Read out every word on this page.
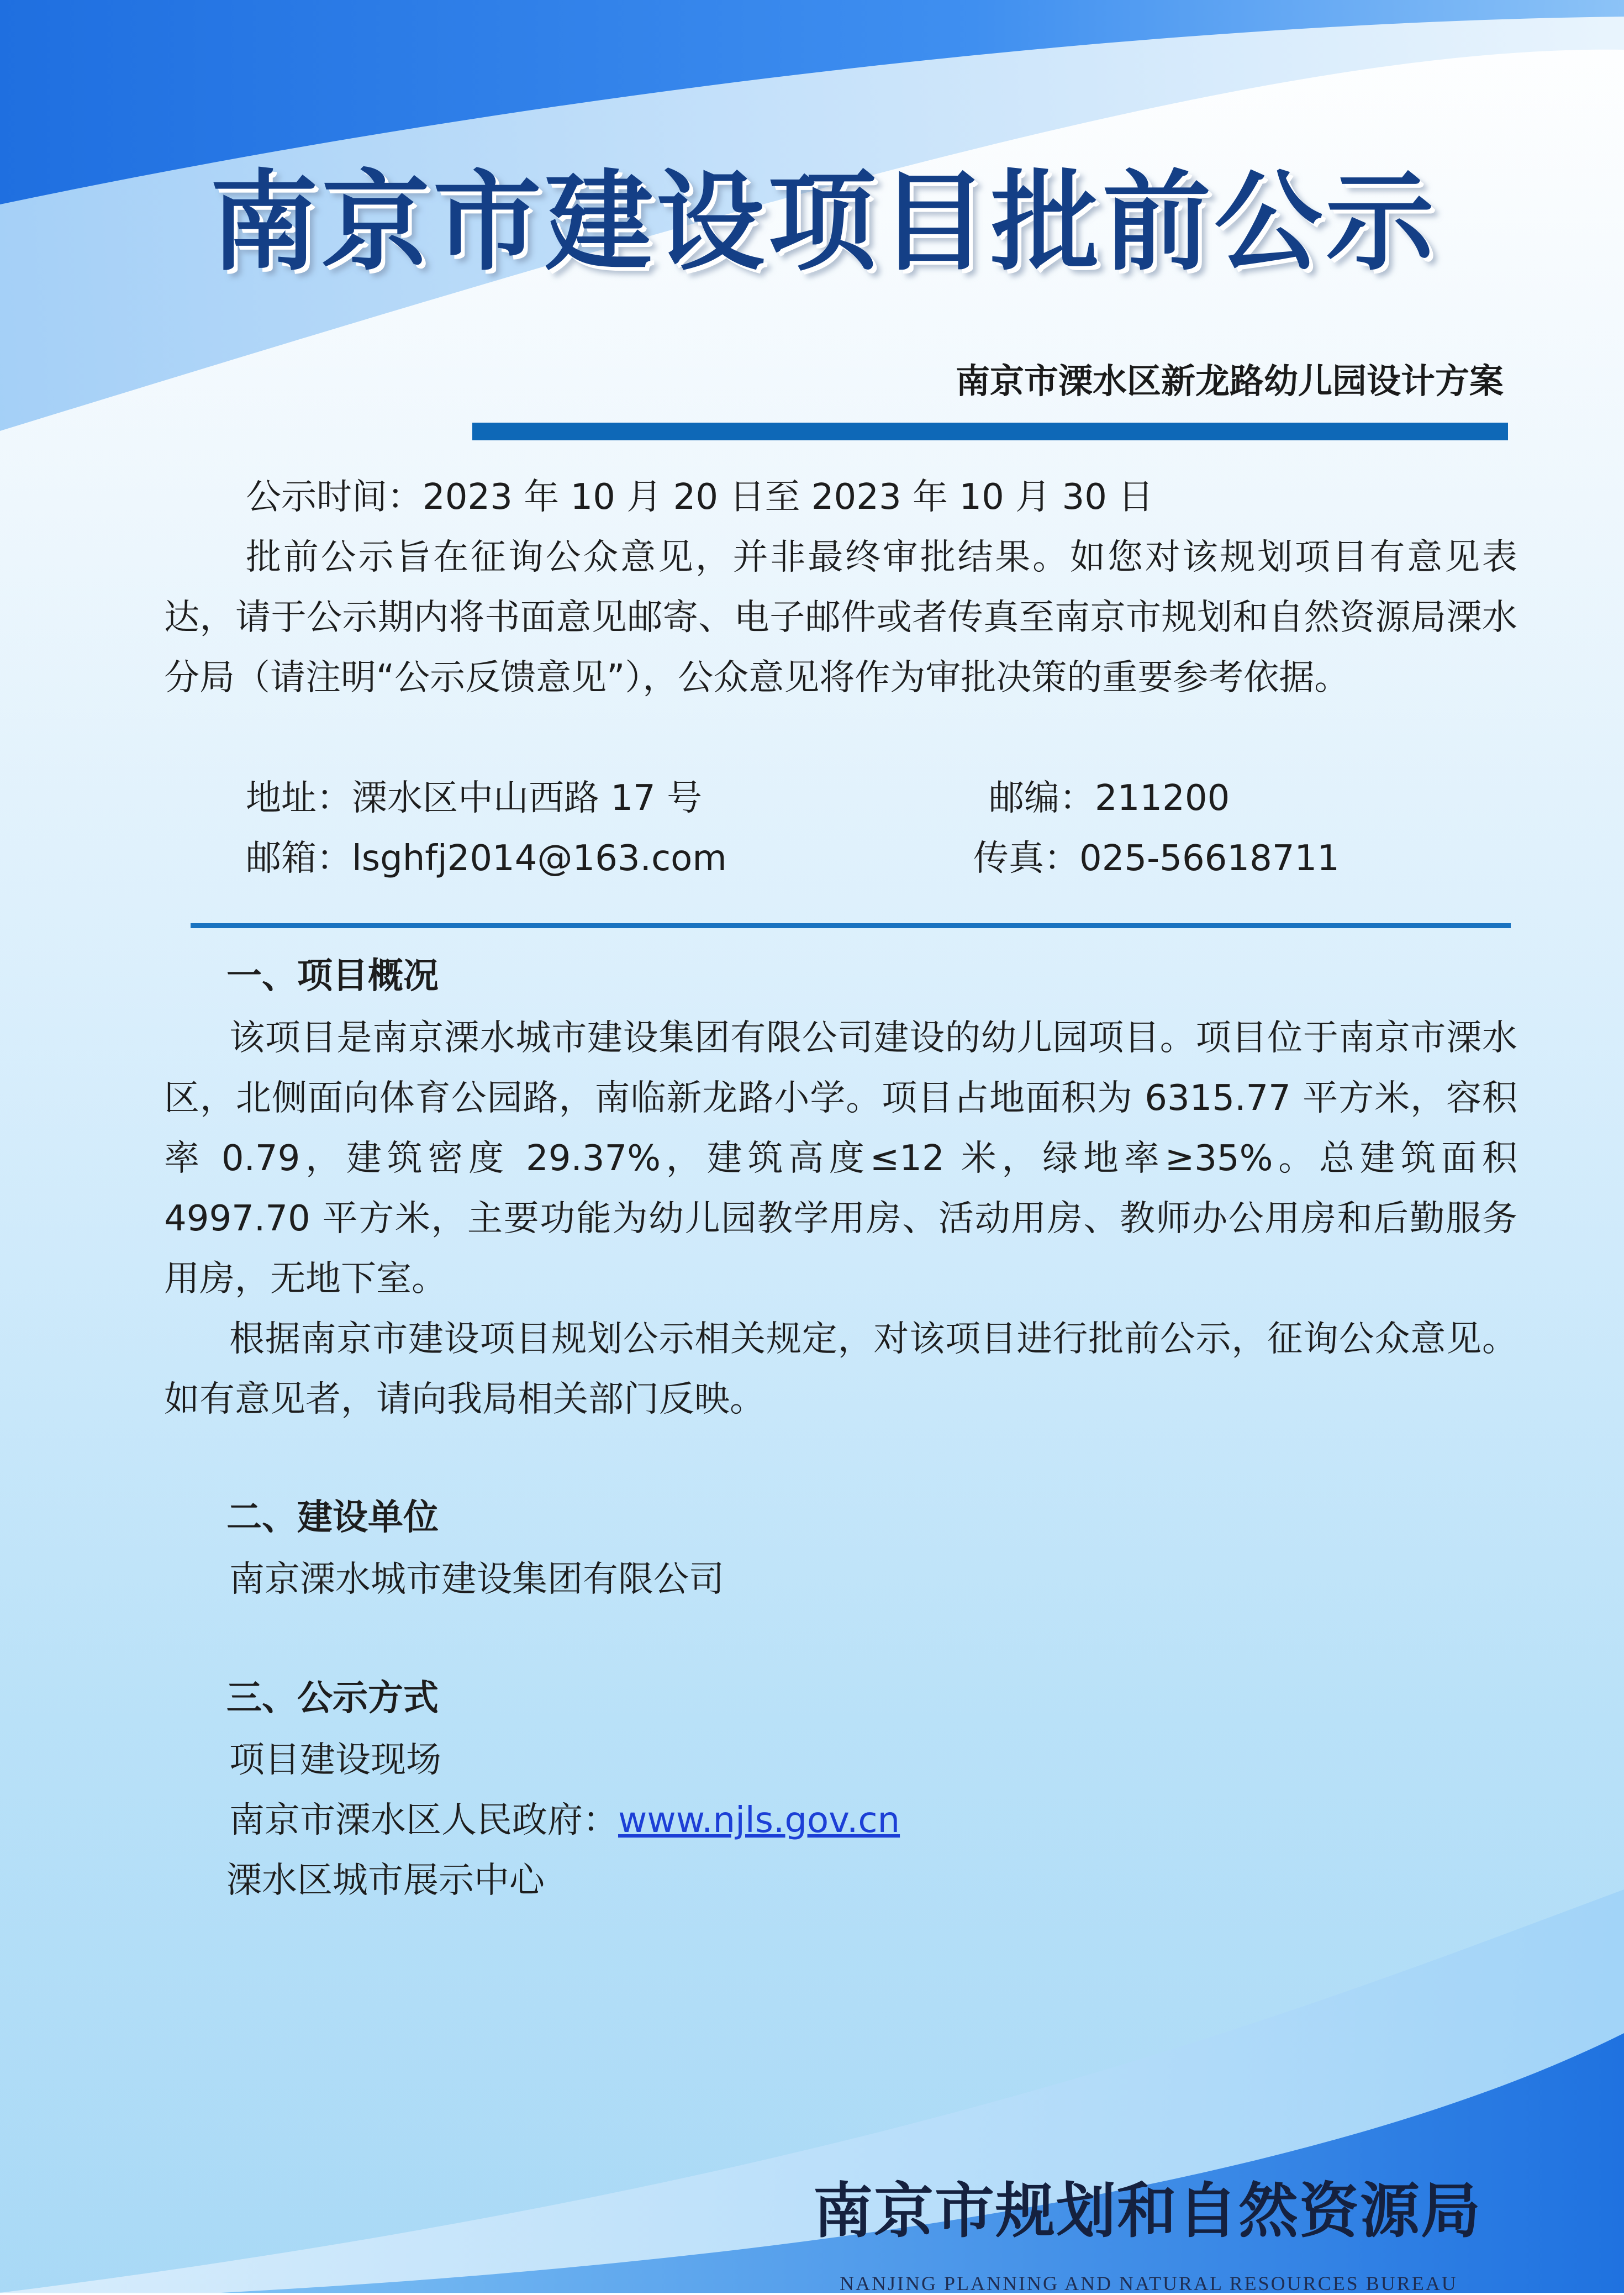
南京市建设项目批前公示
南京市溧水区新龙路幼儿园设计方案
公示时间：2023 年 10 月 20 日至 2023 年 10 月 30 日
批前公示旨在征询公众意见，并非最终审批结果。如您对该规划项目有意见表达，请于公示期内将书面意见邮寄、电子邮件或者传真至南京市规划和自然资源局溧水分局（请注明“公示反馈意见”），公众意见将作为审批决策的重要参考依据。
地址：溧水区中山西路 17 号	邮编：211200
邮箱：lsghfj2014@163.com	传真：025-56618711
一、项目概况
该项目是南京溧水城市建设集团有限公司建设的幼儿园项目。项目位于南京市溧水区，北侧面向体育公园路，南临新龙路小学。项目占地面积为 6315.77 平方米，容积率 0.79，建筑密度 29.37%，建筑高度≤12 米，绿地率≥35%。总建筑面积 4997.70 平方米，主要功能为幼儿园教学用房、活动用房、教师办公用房和后勤服务用房，无地下室。
根据南京市建设项目规划公示相关规定，对该项目进行批前公示，征询公众意见。如有意见者，请向我局相关部门反映。
二、建设单位
南京溧水城市建设集团有限公司
三、公示方式
项目建设现场
南京市溧水区人民政府：www.njls.gov.cn
溧水区城市展示中心
南京市规划和自然资源局
NANJING PLANNING AND NATURAL RESOURCES BUREAU
